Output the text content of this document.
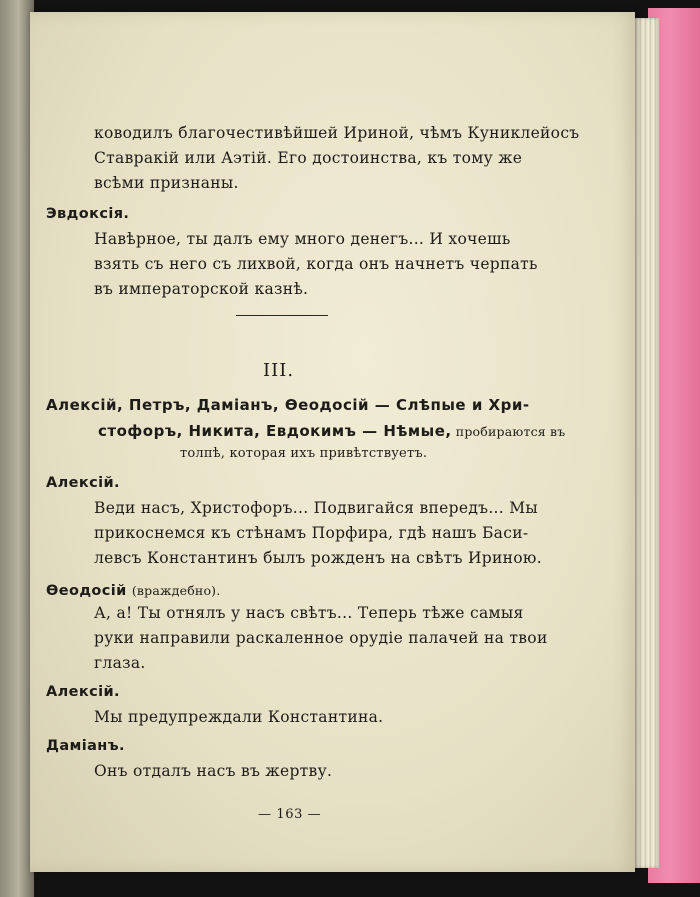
ководилъ благочестивѣйшей Ириной, чѣмъ Куниклейосъ
Ставракій или Аэтій. Его достоинства, къ тому же
всѣми признаны.
Эвдоксія.
Навѣрное, ты далъ ему много денегъ... И хочешь
взять съ него съ лихвой, когда онъ начнетъ черпать
въ императорской казнѣ.
III.
Алексій, Петръ, Даміанъ, Ѳеодосій — Слѣпые и Хри-
стофоръ, Никита, Евдокимъ — Нѣмые, пробираются въ
толпѣ, которая ихъ привѣтствуетъ.
Алексій.
Веди насъ, Христофоръ... Подвигайся впередъ... Мы
прикоснемся къ стѣнамъ Порфира, гдѣ нашъ Баси-
левсъ Константинъ былъ рожденъ на свѣтъ Ириною.
Ѳеодосій (враждебно).
А, а! Ты отнялъ у насъ свѣтъ... Теперь тѣже самыя
руки направили раскаленное орудіе палачей на твои
глаза.
Алексій.
Мы предупреждали Константина.
Даміанъ.
Онъ отдалъ насъ въ жертву.
— 163 —
